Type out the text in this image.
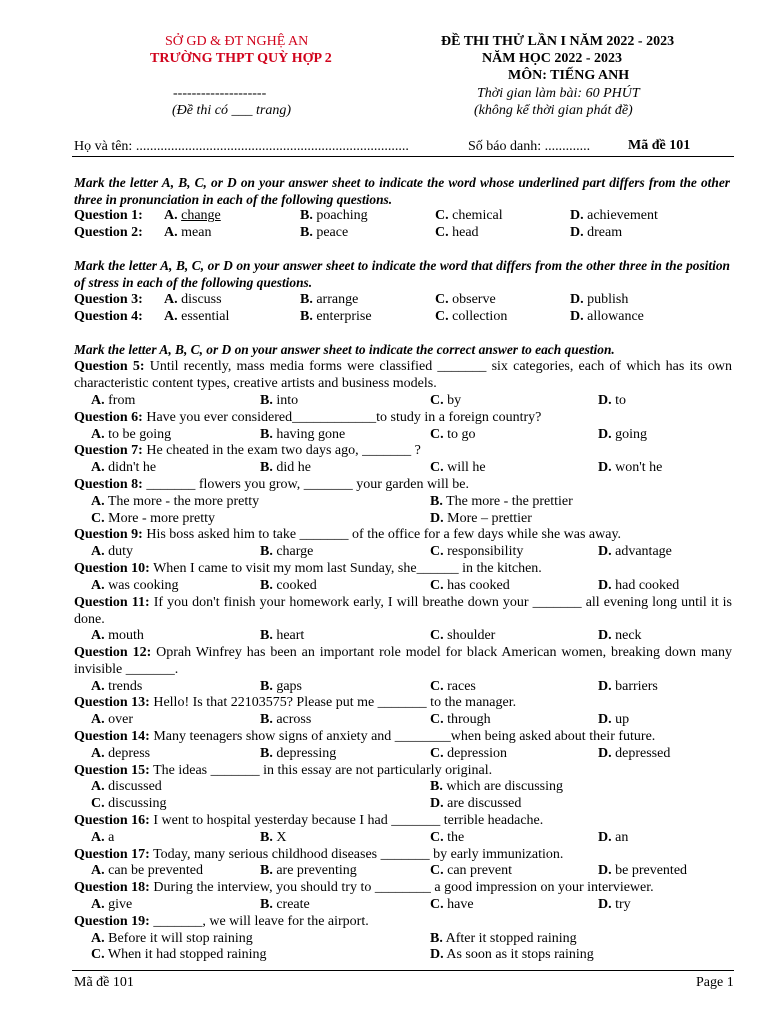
SỞ GD & ĐT NGHỆ AN
TRƯỜNG THPT QUỲ HỢP 2
--------------------
(Đề thi có ___ trang)
ĐỀ THI THỬ LẦN I NĂM 2022 - 2023
NĂM HỌC 2022 - 2023
MÔN: TIẾNG ANH
Thời gian làm bài: 60 PHÚT
(không kể thời gian phát đề)
Họ và tên: ..............................................................................	Số báo danh: .............	Mã đề 101
Mark the letter A, B, C, or D on your answer sheet to indicate the word whose underlined part differs from the other three in pronunciation in each of the following questions.
Question 1: A. change	B. poaching	C. chemical	D. achievement
Question 2: A. mean	B. peace	C. head	D. dream
Mark the letter A, B, C, or D on your answer sheet to indicate the word that differs from the other three in the position of stress in each of the following questions.
Question 3: A. discuss	B. arrange	C. observe	D. publish
Question 4: A. essential	B. enterprise	C. collection	D. allowance
Mark the letter A, B, C, or D on your answer sheet to indicate the correct answer to each question.
Question 5: Until recently, mass media forms were classified _______ six categories, each of which has its own characteristic content types, creative artists and business models.
A. from	B. into	C. by	D. to
Question 6: Have you ever considered____________to study in a foreign country?
A. to be going	B. having gone	C. to go	D. going
Question 7: He cheated in the exam two days ago, _______ ?
A. didn't he	B. did he	C. will he	D. won't he
Question 8: _______ flowers you grow, _______ your garden will be.
A. The more - the more pretty	B. The more - the prettier
C. More - more pretty	D. More – prettier
Question 9: His boss asked him to take _______ of the office for a few days while she was away.
A. duty	B. charge	C. responsibility	D. advantage
Question 10: When I came to visit my mom last Sunday, she______ in the kitchen.
A. was cooking	B. cooked	C. has cooked	D. had cooked
Question 11: If you don't finish your homework early, I will breathe down your _______ all evening long until it is done.
A. mouth	B. heart	C. shoulder	D. neck
Question 12: Oprah Winfrey has been an important role model for black American women, breaking down many invisible _______.
A. trends	B. gaps	C. races	D. barriers
Question 13: Hello! Is that 22103575? Please put me _______ to the manager.
A. over	B. across	C. through	D. up
Question 14: Many teenagers show signs of anxiety and ________when being asked about their future.
A. depress	B. depressing	C. depression	D. depressed
Question 15: The ideas _______ in this essay are not particularly original.
A. discussed	B. which are discussing
C. discussing	D. are discussed
Question 16: I went to hospital yesterday because I had _______ terrible headache.
A. a	B. X	C. the	D. an
Question 17: Today, many serious childhood diseases _______ by early immunization.
A. can be prevented	B. are preventing	C. can prevent	D. be prevented
Question 18: During the interview, you should try to ________ a good impression on your interviewer.
A. give	B. create	C. have	D. try
Question 19: _______, we will leave for the airport.
A. Before it will stop raining	B. After it stopped raining
C. When it had stopped raining	D. As soon as it stops raining
Mã đề 101	Page 1
